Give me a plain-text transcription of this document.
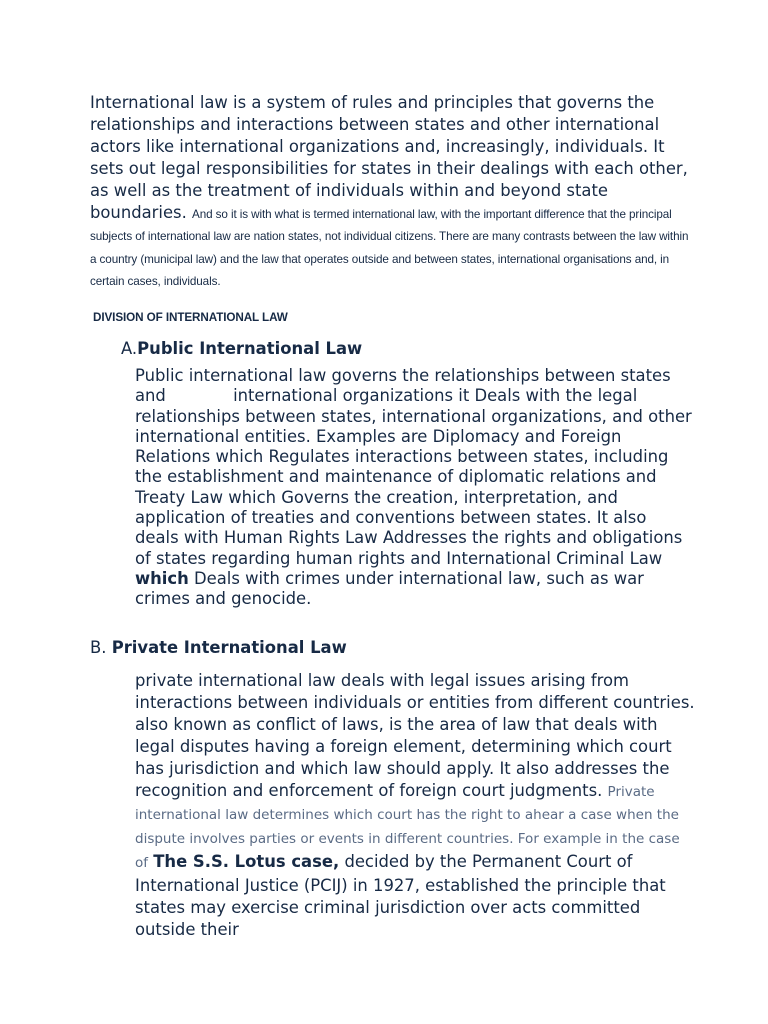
International law is a system of rules and principles that governs the relationships and interactions between states and other international actors like international organizations and, increasingly, individuals. It sets out legal responsibilities for states in their dealings with each other, as well as the treatment of individuals within and beyond state boundaries. And so it is with what is termed international law, with the important difference that the principal subjects of international law are nation states, not individual citizens. There are many contrasts between the law within a country (municipal law) and the law that operates outside and between states, international organisations and, in certain cases, individuals.

DIVISION OF INTERNATIONAL LAW

A.Public International Law

Public international law governs the relationships between states and	international organizations it Deals with the legal relationships between states, international organizations, and other international entities. Examples are Diplomacy and Foreign Relations which Regulates interactions between states, including the establishment and maintenance of diplomatic relations and Treaty Law which Governs the creation, interpretation, and application of treaties and conventions between states. It also deals with Human Rights Law Addresses the rights and obligations of states regarding human rights and International Criminal Law which Deals with crimes under international law, such as war crimes and genocide.

B. Private International Law

private international law deals with legal issues arising from interactions between individuals or entities from different countries. also known as conflict of laws, is the area of law that deals with legal disputes having a foreign element, determining which court has jurisdiction and which law should apply. It also addresses the recognition and enforcement of foreign court judgments. Private international law determines which court has the right to ahear a case when the dispute involves parties or events in different countries. For example in the case of The S.S. Lotus case, decided by the Permanent Court of International Justice (PCIJ) in 1927, established the principle that states may exercise criminal jurisdiction over acts committed outside their
